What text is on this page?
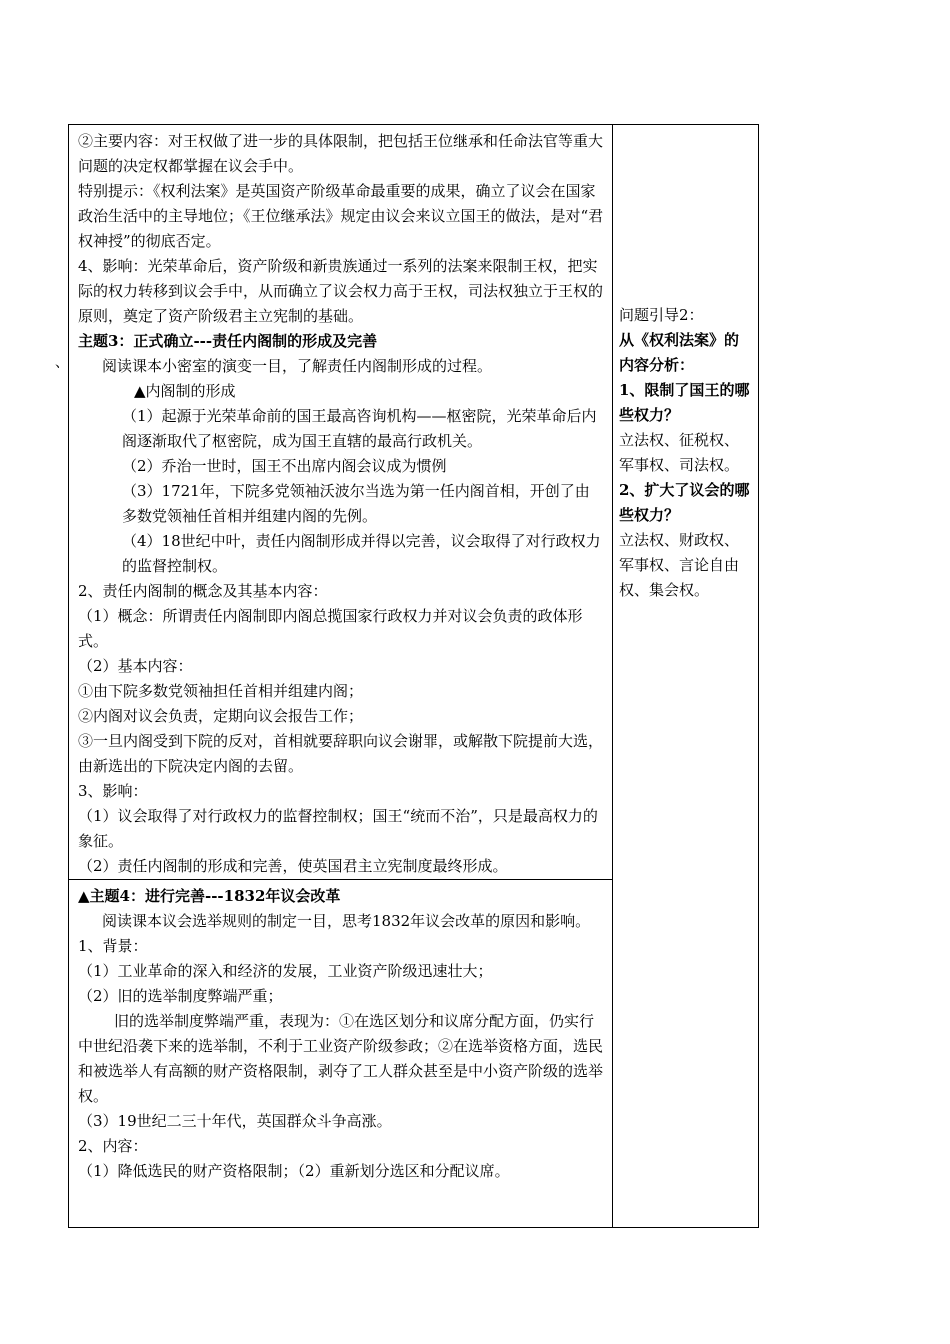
、

②主要内容：对王权做了进一步的具体限制，把包括王位继承和任命法官等重大问题的决定权都掌握在议会手中。

特别提示：《权利法案》是英国资产阶级革命最重要的成果，确立了议会在国家政治生活中的主导地位；《王位继承法》规定由议会来议立国王的做法，是对“君权神授”的彻底否定。

4、影响：光荣革命后，资产阶级和新贵族通过一系列的法案来限制王权，把实际的权力转移到议会手中，从而确立了议会权力高于王权，司法权独立于王权的原则，奠定了资产阶级君主立宪制的基础。

主题3：正式确立---责任内阁制的形成及完善

阅读课本小密室的演变一目，了解责任内阁制形成的过程。

▲内阁制的形成

（1）起源于光荣革命前的国王最高咨询机构——枢密院，光荣革命后内阁逐渐取代了枢密院，成为国王直辖的最高行政机关。

（2）乔治一世时，国王不出席内阁会议成为惯例

（3）1721年，下院多党领袖沃波尔当选为第一任内阁首相，开创了由多数党领袖任首相并组建内阁的先例。

（4）18世纪中叶，责任内阁制形成并得以完善，议会取得了对行政权力的监督控制权。

2、责任内阁制的概念及其基本内容：

（1）概念：所谓责任内阁制即内阁总揽国家行政权力并对议会负责的政体形式。

（2）基本内容：

①由下院多数党领袖担任首相并组建内阁；

②内阁对议会负责，定期向议会报告工作；

③一旦内阁受到下院的反对，首相就要辞职向议会谢罪，或解散下院提前大选，由新选出的下院决定内阁的去留。

3、影响：

（1）议会取得了对行政权力的监督控制权；国王“统而不治”，只是最高权力的象征。

（2）责任内阁制的形成和完善，使英国君主立宪制度最终形成。

问题引导2：

从《权利法案》的内容分析：

1、限制了国王的哪些权力？

立法权、征税权、军事权、司法权。

2、扩大了议会的哪些权力？

立法权、财政权、军事权、言论自由权、集会权。

▲主题4：进行完善---1832年议会改革

阅读课本议会选举规则的制定一目，思考1832年议会改革的原因和影响。

1、背景：

（1）工业革命的深入和经济的发展，工业资产阶级迅速壮大；

（2）旧的选举制度弊端严重；

旧的选举制度弊端严重，表现为：①在选区划分和议席分配方面，仍实行中世纪沿袭下来的选举制，不利于工业资产阶级参政；②在选举资格方面，选民和被选举人有高额的财产资格限制，剥夺了工人群众甚至是中小资产阶级的选举权。

（3）19世纪二三十年代，英国群众斗争高涨。

2、内容：

（1）降低选民的财产资格限制；（2）重新划分选区和分配议席。
